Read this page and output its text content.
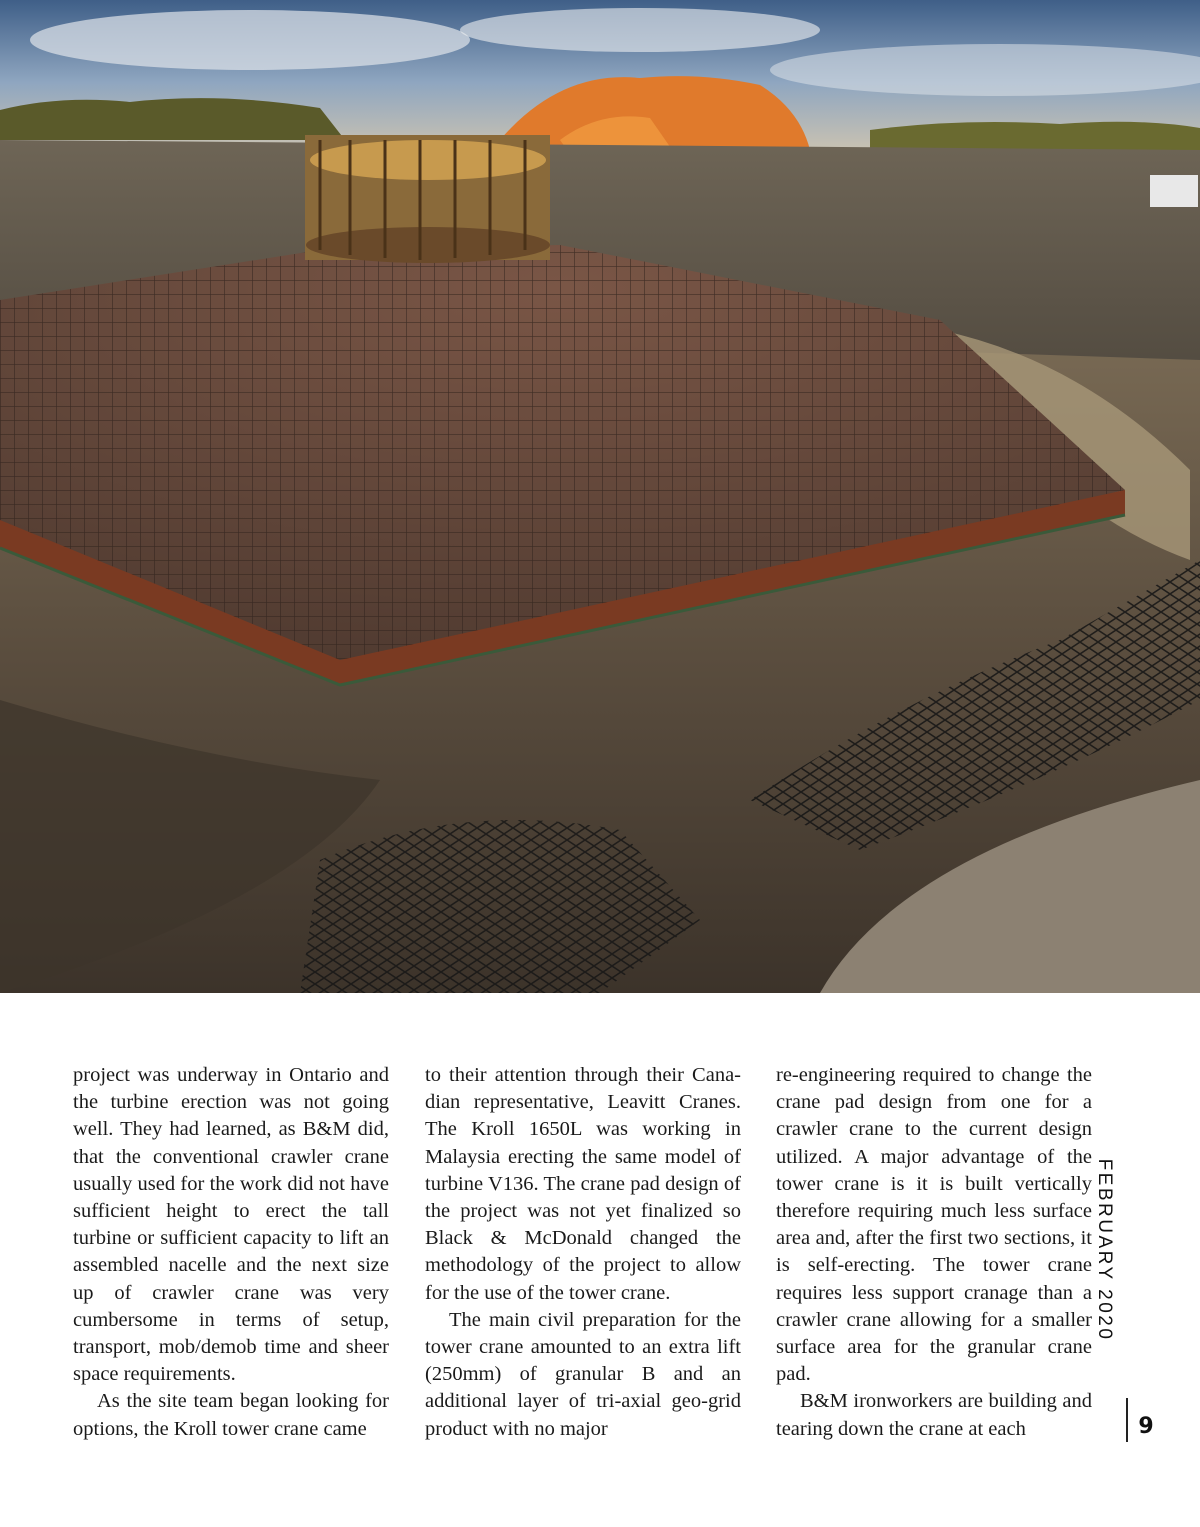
project was underway in Ontario and the turbine erection was not going well. They had learned, as B&M did, that the conventional crawler crane usually used for the work did not have sufficient height to erect the tall turbine or sufficient capacity to lift an assembled nacelle and the next size up of crawler crane was very cumbersome in terms of setup, transport, mob/demob time and sheer space requirements.

As the site team began looking for options, the Kroll tower crane came

to their attention through their Canadian representative, Leavitt Cranes. The Kroll 1650L was working in Malaysia erecting the same model of turbine V136. The crane pad design of the project was not yet finalized so Black & McDonald changed the methodology of the project to allow for the use of the tower crane.

The main civil preparation for the tower crane amounted to an extra lift (250mm) of granular B and an additional layer of tri-axial geo-grid product with no major

re-engineering required to change the crane pad design from one for a crawler crane to the current design utilized. A major advantage of the tower crane is it is built vertically therefore requiring much less surface area and, after the first two sections, it is self-erecting. The tower crane requires less support cranage than a crawler crane allowing for a smaller surface area for the granular crane pad.

B&M ironworkers are building and tearing down the crane at each

FEBRUARY 2020
9
